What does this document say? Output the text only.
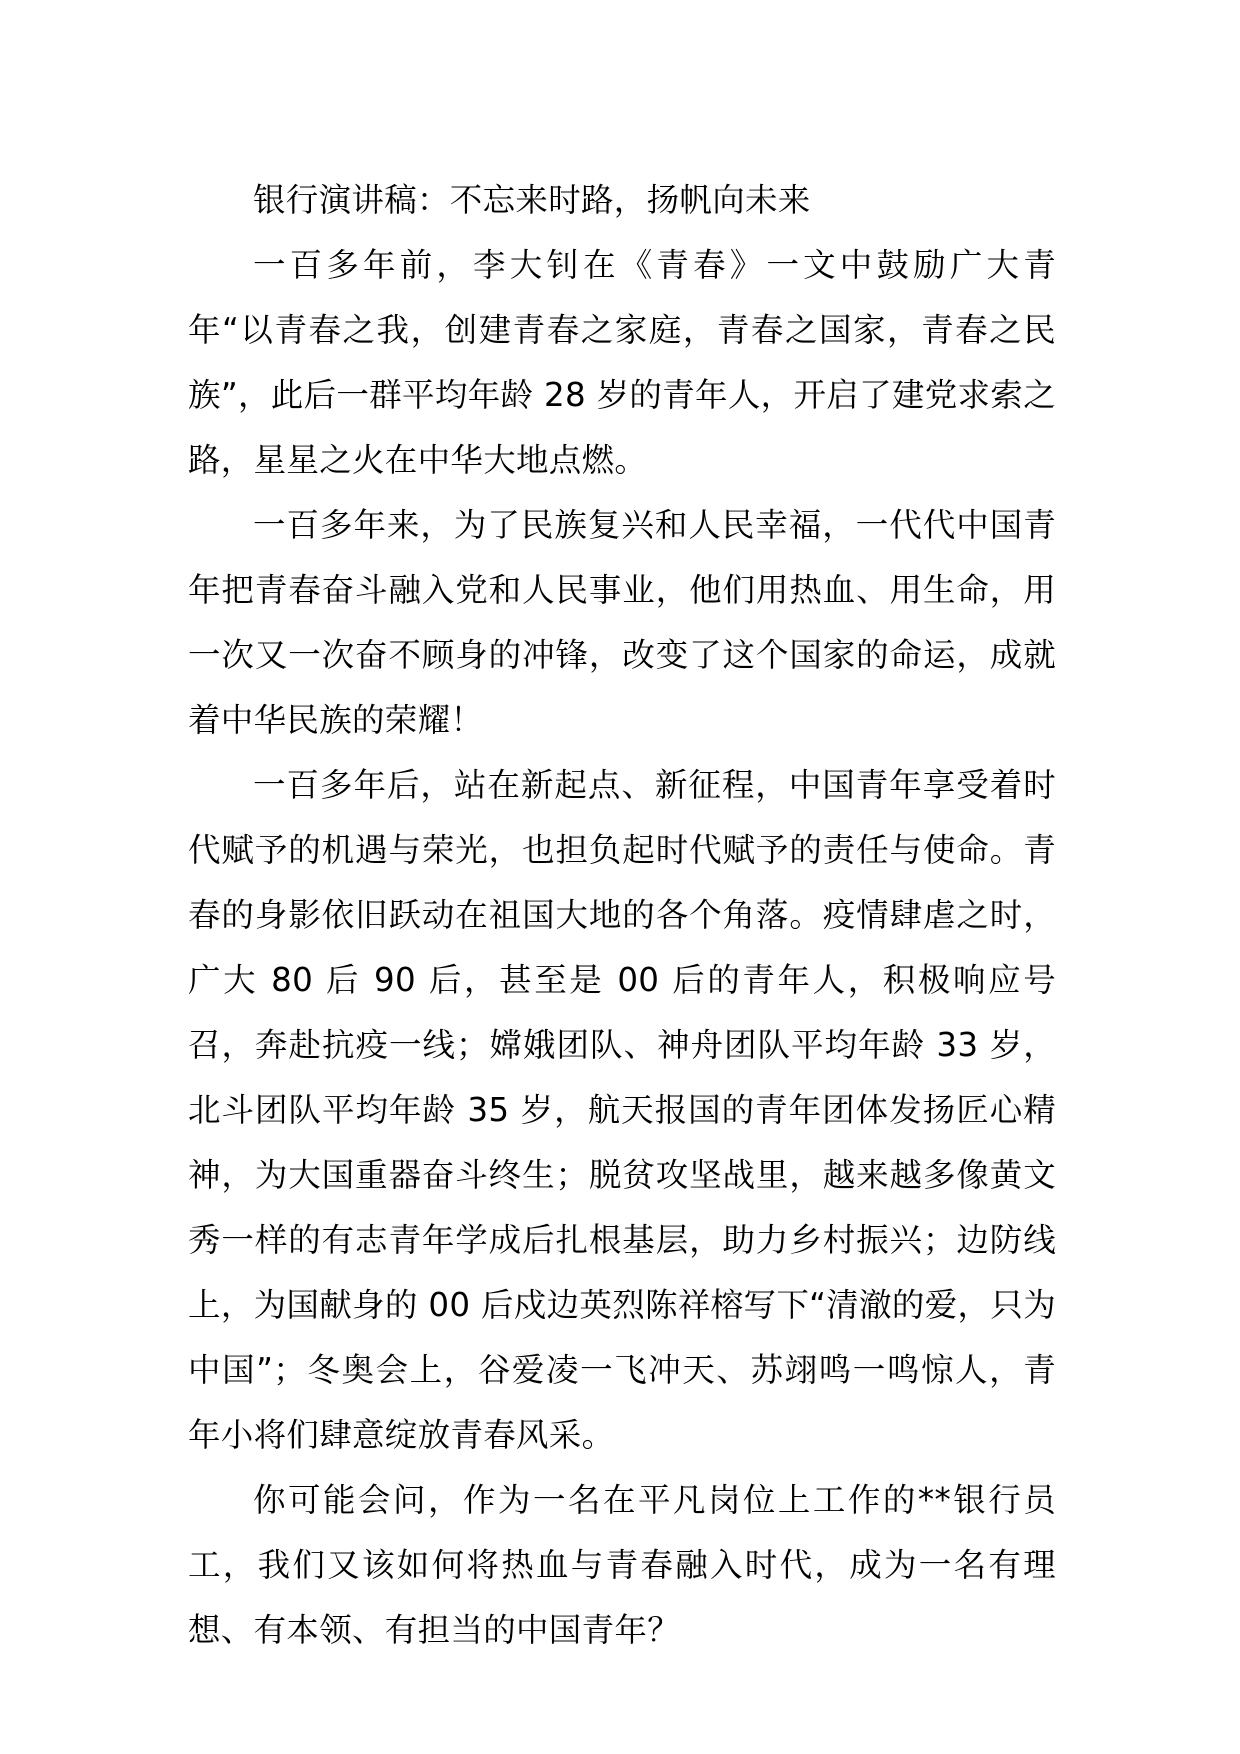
银行演讲稿：不忘来时路，扬帆向未来

一百多年前，李大钊在《青春》一文中鼓励广大青年“以青春之我，创建青春之家庭，青春之国家，青春之民族”，此后一群平均年龄 28 岁的青年人，开启了建党求索之路，星星之火在中华大地点燃。

一百多年来，为了民族复兴和人民幸福，一代代中国青年把青春奋斗融入党和人民事业，他们用热血、用生命，用一次又一次奋不顾身的冲锋，改变了这个国家的命运，成就着中华民族的荣耀！

一百多年后，站在新起点、新征程，中国青年享受着时代赋予的机遇与荣光，也担负起时代赋予的责任与使命。青春的身影依旧跃动在祖国大地的各个角落。疫情肆虐之时，广大 80 后 90 后，甚至是 00 后的青年人，积极响应号召，奔赴抗疫一线；嫦娥团队、神舟团队平均年龄 33 岁，北斗团队平均年龄 35 岁，航天报国的青年团体发扬匠心精神，为大国重器奋斗终生；脱贫攻坚战里，越来越多像黄文秀一样的有志青年学成后扎根基层，助力乡村振兴；边防线上，为国献身的 00 后戍边英烈陈祥榕写下“清澈的爱，只为中国”；冬奥会上，谷爱凌一飞冲天、苏翊鸣一鸣惊人，青年小将们肆意绽放青春风采。

你可能会问，作为一名在平凡岗位上工作的**银行员工，我们又该如何将热血与青春融入时代，成为一名有理想、有本领、有担当的中国青年？
